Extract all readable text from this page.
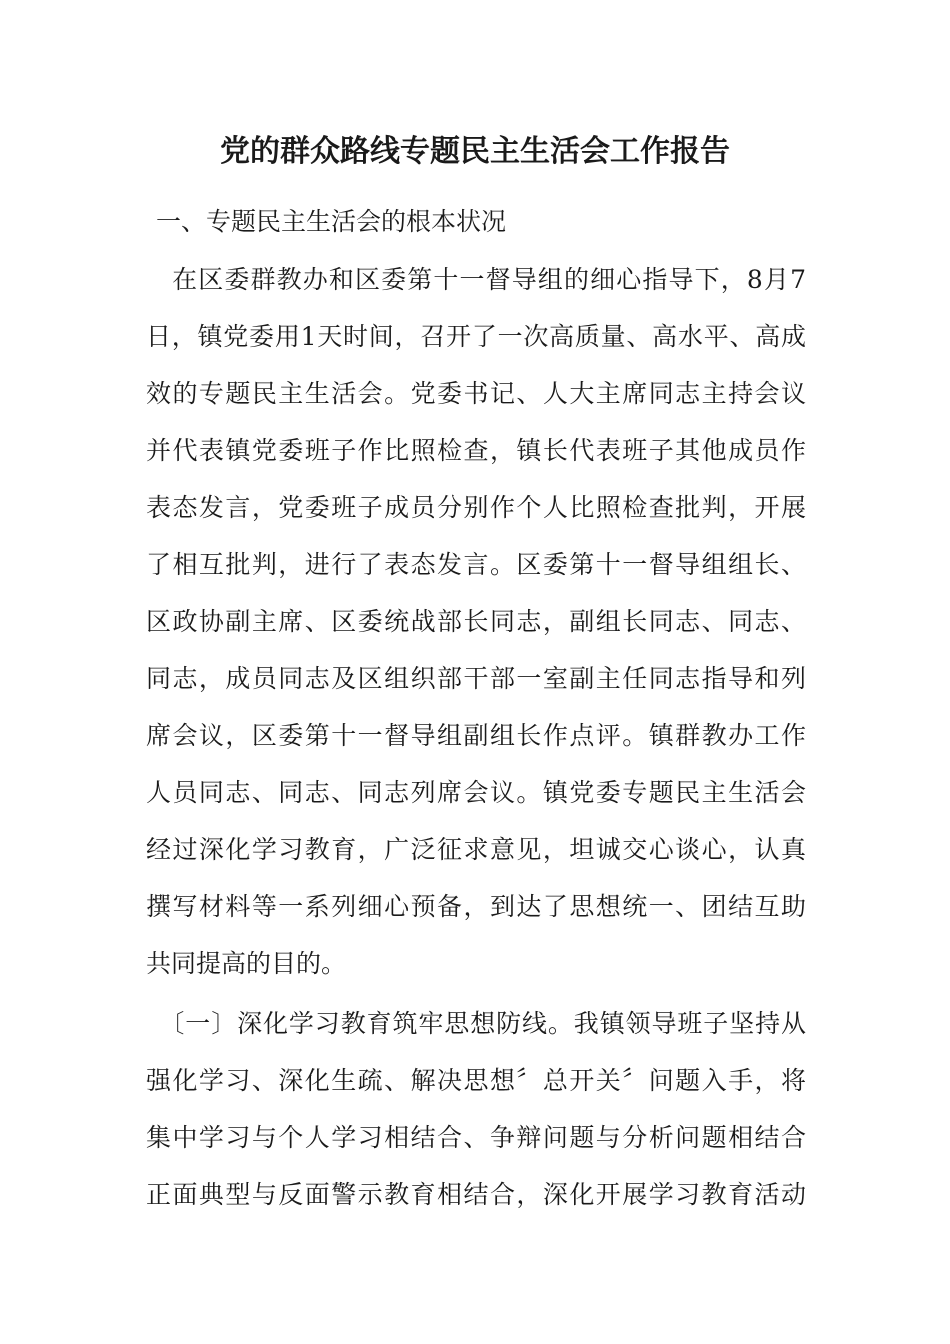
党的群众路线专题民主生活会工作报告
一、专题民主生活会的根本状况
　在区委群教办和区委第十一督导组的细心指导下，8月7
日，镇党委用1天时间，召开了一次高质量、高水平、高成
效的专题民主生活会。党委书记、人大主席同志主持会议
并代表镇党委班子作比照检查，镇长代表班子其他成员作
表态发言，党委班子成员分别作个人比照检查批判，开展
了相互批判，进行了表态发言。区委第十一督导组组长、
区政协副主席、区委统战部长同志，副组长同志、同志、
同志，成员同志及区组织部干部一室副主任同志指导和列
席会议，区委第十一督导组副组长作点评。镇群教办工作
人员同志、同志、同志列席会议。镇党委专题民主生活会
经过深化学习教育，广泛征求意见，坦诚交心谈心，认真
撰写材料等一系列细心预备，到达了思想统一、团结互助
共同提高的目的。
　〔一〕深化学习教育筑牢思想防线。我镇领导班子坚持从
强化学习、深化生疏、解决思想〞总开关〞问题入手，将
集中学习与个人学习相结合、争辩问题与分析问题相结合
正面典型与反面警示教育相结合，深化开展学习教育活动
